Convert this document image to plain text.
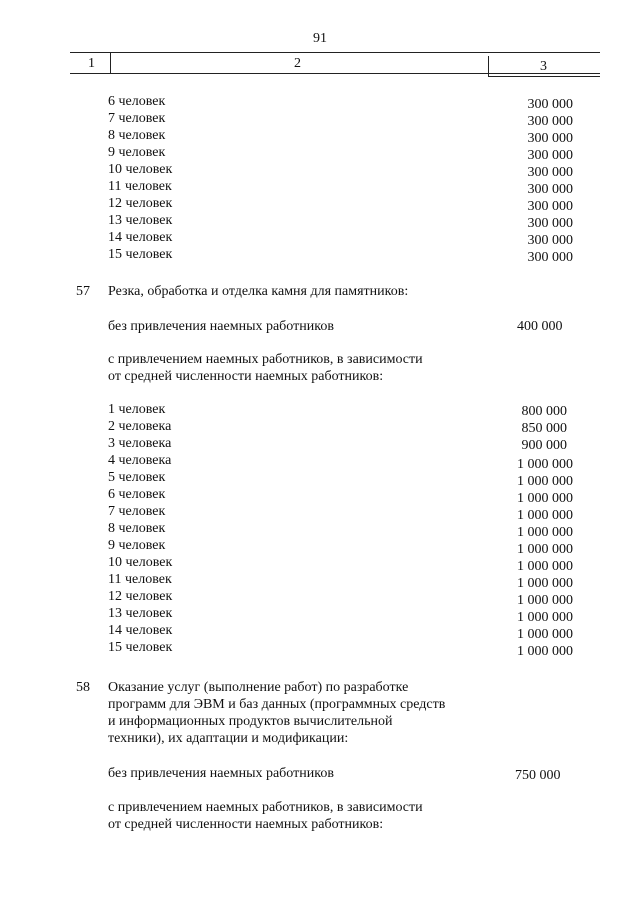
91
1	2	3
6 человек	300 000
7 человек	300 000
8 человек	300 000
9 человек	300 000
10 человек	300 000
11 человек	300 000
12 человек	300 000
13 человек	300 000
14 человек	300 000
15 человек	300 000
57 Резка, обработка и отделка камня для памятников:
без привлечения наемных работников	400 000
с привлечением наемных работников, в зависимости
от средней численности наемных работников:
1 человек	800 000
2 человека	850 000
3 человека	900 000
4 человека	1 000 000
5 человек	1 000 000
6 человек	1 000 000
7 человек	1 000 000
8 человек	1 000 000
9 человек	1 000 000
10 человек	1 000 000
11 человек	1 000 000
12 человек	1 000 000
13 человек	1 000 000
14 человек	1 000 000
15 человек	1 000 000
58 Оказание услуг (выполнение работ) по разработке
программ для ЭВМ и баз данных (программных средств
и информационных продуктов вычислительной
техники), их адаптации и модификации:
без привлечения наемных работников	750 000
с привлечением наемных работников, в зависимости
от средней численности наемных работников:
